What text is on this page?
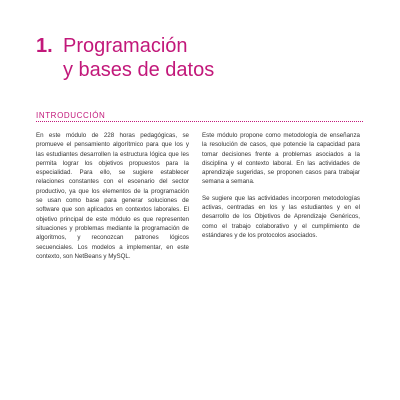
1. Programación
y bases de datos
INTRODUCCIÓN

En este módulo de 228 horas pedagógicas, se promueve el pensamiento algorítmico para que los y las estudiantes desarrollen la estructura lógica que les permita lograr los objetivos propuestos para la especialidad. Para ello, se sugiere establecer relaciones constantes con el escenario del sector productivo, ya que los elementos de la programación se usan como base para generar soluciones de software que son aplicados en contextos laborales. El objetivo principal de este módulo es que representen situaciones y problemas mediante la programación de algoritmos, y reconozcan patrones lógicos secuenciales. Los modelos a implementar, en este contexto, son NetBeans y MySQL.

Este módulo propone como metodología de enseñanza la resolución de casos, que potencie la capacidad para tomar decisiones frente a problemas asociados a la disciplina y el contexto laboral. En las actividades de aprendizaje sugeridas, se proponen casos para trabajar semana a semana.

Se sugiere que las actividades incorporen metodologías activas, centradas en los y las estudiantes y en el desarrollo de los Objetivos de Aprendizaje Genéricos, como el trabajo colaborativo y el cumplimiento de estándares y de los protocolos asociados.
